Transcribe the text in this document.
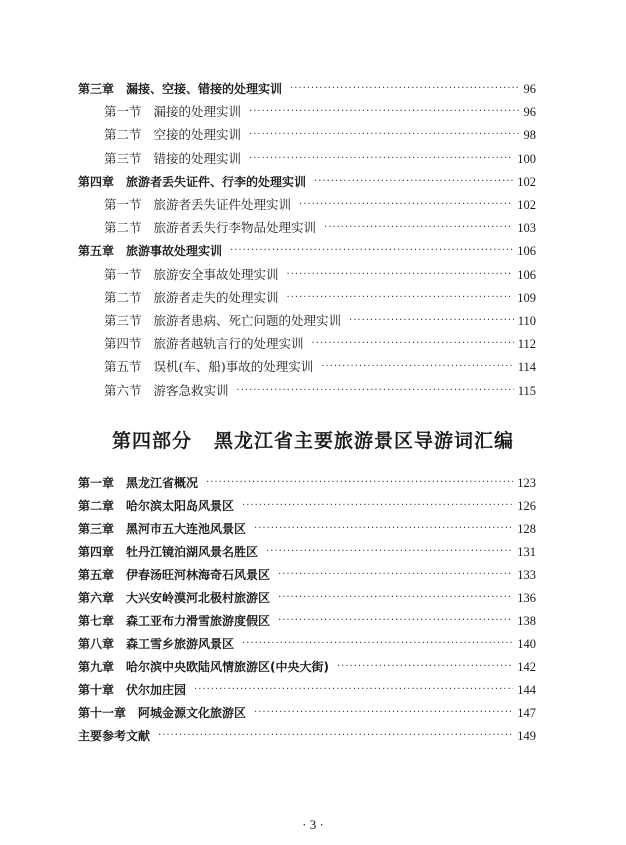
第三章 漏接、空接、错接的处理实训 ·····	96
第一节 漏接的处理实训 ·····	96
第二节 空接的处理实训 ·····	98
第三节 错接的处理实训 ·····	100
第四章 旅游者丢失证件、行李的处理实训 ·····	102
第一节 旅游者丢失证件处理实训 ·····	102
第二节 旅游者丢失行李物品处理实训 ·····	103
第五章 旅游事故处理实训 ·····	106
第一节 旅游安全事故处理实训 ·····	106
第二节 旅游者走失的处理实训 ·····	109
第三节 旅游者患病、死亡问题的处理实训 ·····	110
第四节 旅游者越轨言行的处理实训 ·····	112
第五节 误机(车、船)事故的处理实训 ·····	114
第六节 游客急救实训 ·····	115
第四部分 黑龙江省主要旅游景区导游词汇编
第一章 黑龙江省概况 ·····	123
第二章 哈尔滨太阳岛风景区 ·····	126
第三章 黑河市五大连池风景区 ·····	128
第四章 牡丹江镜泊湖风景名胜区 ·····	131
第五章 伊春汤旺河林海奇石风景区 ·····	133
第六章 大兴安岭漠河北极村旅游区 ·····	136
第七章 森工亚布力滑雪旅游度假区 ·····	138
第八章 森工雪乡旅游风景区 ·····	140
第九章 哈尔滨中央欧陆风情旅游区(中央大街) ·····	142
第十章 伏尔加庄园 ·····	144
第十一章 阿城金源文化旅游区 ·····	147
主要参考文献 ·····	149
· 3 ·
